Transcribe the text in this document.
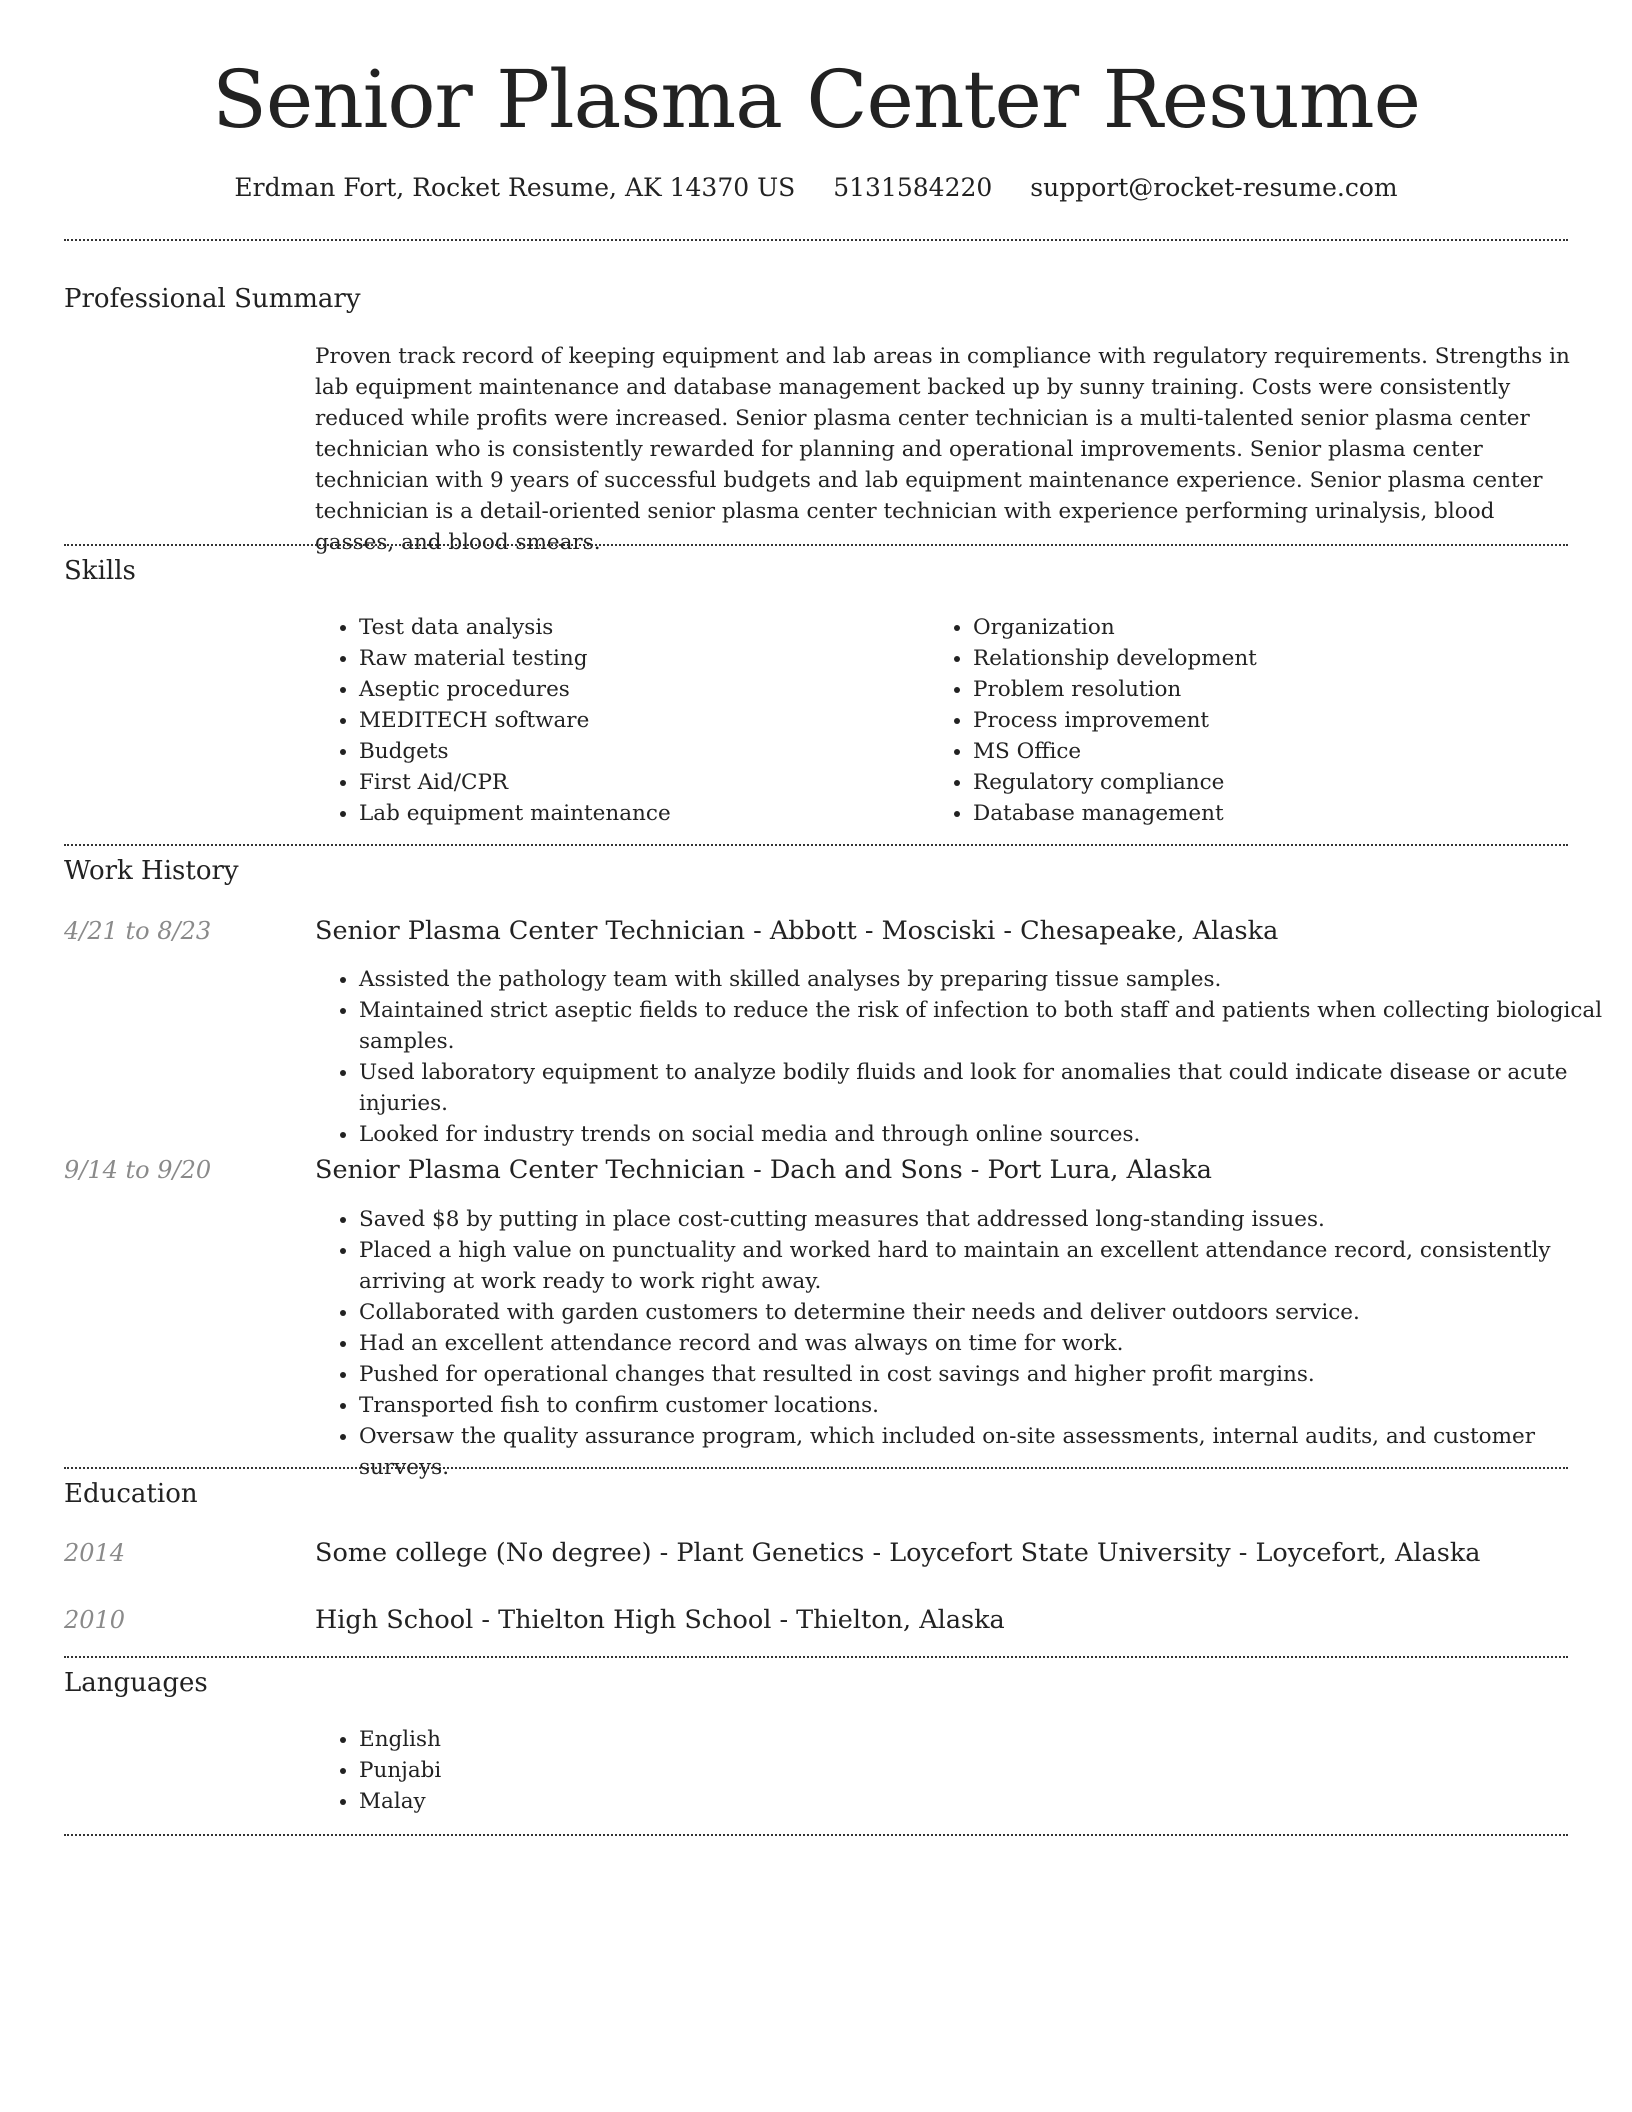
Senior Plasma Center Resume
Erdman Fort, Rocket Resume, AK 14370 US 5131584220 support@rocket-resume.com
Professional Summary

Proven track record of keeping equipment and lab areas in compliance with regulatory requirements. Strengths in lab equipment maintenance and database management backed up by sunny training. Costs were consistently reduced while profits were increased. Senior plasma center technician is a multi-talented senior plasma center technician who is consistently rewarded for planning and operational improvements. Senior plasma center technician with 9 years of successful budgets and lab equipment maintenance experience. Senior plasma center technician is a detail-oriented senior plasma center technician with experience performing urinalysis, blood gasses, and blood smears.

Skills
• Test data analysis
• Raw material testing
• Aseptic procedures
• MEDITECH software
• Budgets
• First Aid/CPR
• Lab equipment maintenance
• Organization
• Relationship development
• Problem resolution
• Process improvement
• MS Office
• Regulatory compliance
• Database management
Work History
4/21 to 8/23	Senior Plasma Center Technician - Abbott - Mosciski - Chesapeake, Alaska
• Assisted the pathology team with skilled analyses by preparing tissue samples.
• Maintained strict aseptic fields to reduce the risk of infection to both staff and patients when collecting biological samples.
• Used laboratory equipment to analyze bodily fluids and look for anomalies that could indicate disease or acute injuries.
• Looked for industry trends on social media and through online sources.
9/14 to 9/20	Senior Plasma Center Technician - Dach and Sons - Port Lura, Alaska
• Saved $8 by putting in place cost-cutting measures that addressed long-standing issues.
• Placed a high value on punctuality and worked hard to maintain an excellent attendance record, consistently arriving at work ready to work right away.
• Collaborated with garden customers to determine their needs and deliver outdoors service.
• Had an excellent attendance record and was always on time for work.
• Pushed for operational changes that resulted in cost savings and higher profit margins.
• Transported fish to confirm customer locations.
• Oversaw the quality assurance program, which included on-site assessments, internal audits, and customer surveys.
Education
2014	Some college (No degree) - Plant Genetics - Loycefort State University - Loycefort, Alaska
2010	High School - Thielton High School - Thielton, Alaska
Languages
• English
• Punjabi
• Malay
